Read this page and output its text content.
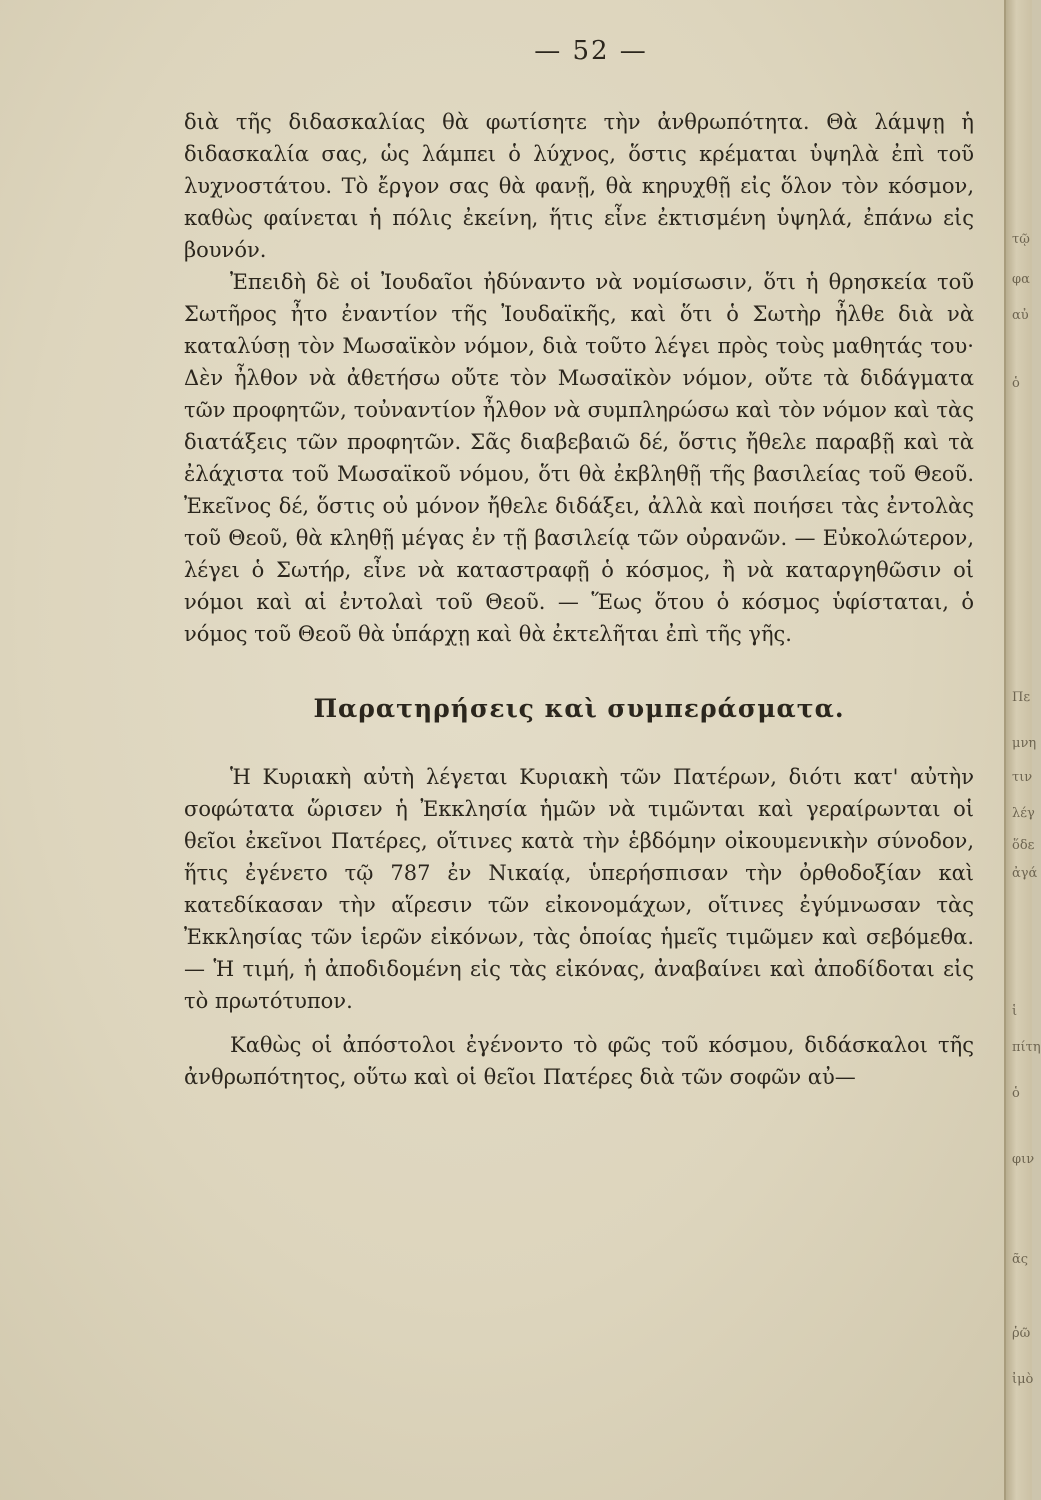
— 52 —

διὰ τῆς διδασκαλίας θὰ φωτίσητε τὴν ἀνθρωπότητα. Θὰ λάμψῃ ἡ διδασκαλία σας, ὡς λάμπει ὁ λύχνος, ὅστις κρέμαται ὑψηλὰ ἐπὶ τοῦ λυχνοστάτου. Τὸ ἔργον σας θὰ φανῇ, θὰ κηρυχθῇ εἰς ὅλον τὸν κόσμον, καθὼς φαίνεται ἡ πόλις ἐκείνη, ἥτις εἶνε ἐκτισμένη ὑψηλά, ἐπάνω εἰς βουνόν.

Ἐπειδὴ δὲ οἱ Ἰουδαῖοι ἠδύναντο νὰ νομίσωσιν, ὅτι ἡ θρησκεία τοῦ Σωτῆρος ἦτο ἐναντίον τῆς Ἰουδαϊκῆς, καὶ ὅτι ὁ Σωτὴρ ἦλθε διὰ νὰ καταλύσῃ τὸν Μωσαϊκὸν νόμον, διὰ τοῦτο λέγει πρὸς τοὺς μαθητάς του· Δὲν ἦλθον νὰ ἀθετήσω οὔτε τὸν Μωσαϊκὸν νόμον, οὔτε τὰ διδάγματα τῶν προφητῶν, τοὐναντίον ἦλθον νὰ συμπληρώσω καὶ τὸν νόμον καὶ τὰς διατάξεις τῶν προφητῶν. Σᾶς διαβεβαιῶ δέ, ὅστις ἤθελε παραβῇ καὶ τὰ ἐλάχιστα τοῦ Μωσαϊκοῦ νόμου, ὅτι θὰ ἐκβληθῇ τῆς βασιλείας τοῦ Θεοῦ. Ἐκεῖνος δέ, ὅστις οὐ μόνον ἤθελε διδάξει, ἀλλὰ καὶ ποιήσει τὰς ἐντολὰς τοῦ Θεοῦ, θὰ κληθῇ μέγας ἐν τῇ βασιλείᾳ τῶν οὐρανῶν. — Εὐκολώτερον, λέγει ὁ Σωτήρ, εἶνε νὰ καταστραφῇ ὁ κόσμος, ἢ νὰ καταργηθῶσιν οἱ νόμοι καὶ αἱ ἐντολαὶ τοῦ Θεοῦ. — Ἕως ὅτου ὁ κόσμος ὑφίσταται, ὁ νόμος τοῦ Θεοῦ θὰ ὑπάρχῃ καὶ θὰ ἐκτελῆται ἐπὶ τῆς γῆς.

Παρατηρήσεις καὶ συμπεράσματα.

Ἡ Κυριακὴ αὐτὴ λέγεται Κυριακὴ τῶν Πατέρων, διότι κατ' αὐτὴν σοφώτατα ὥρισεν ἡ Ἐκκλησία ἡμῶν νὰ τιμῶνται καὶ γεραίρωνται οἱ θεῖοι ἐκεῖνοι Πατέρες, οἵτινες κατὰ τὴν ἑβδόμην οἰκουμενικὴν σύνοδον, ἥτις ἐγένετο τῷ 787 ἐν Νικαίᾳ, ὑπερήσπισαν τὴν ὀρθοδοξίαν καὶ κατεδίκασαν τὴν αἵρεσιν τῶν εἰκονομάχων, οἵτινες ἐγύμνωσαν τὰς Ἐκκλησίας τῶν ἱερῶν εἰκόνων, τὰς ὁποίας ἡμεῖς τιμῶμεν καὶ σεβόμεθα. — Ἡ τιμή, ἡ ἀποδιδομένη εἰς τὰς εἰκόνας, ἀναβαίνει καὶ ἀποδίδοται εἰς τὸ πρωτότυπον.

Καθὼς οἱ ἀπόστολοι ἐγένοντο τὸ φῶς τοῦ κόσμου, διδάσκαλοι τῆς ἀνθρωπότητος, οὕτω καὶ οἱ θεῖοι Πατέρες διὰ τῶν σοφῶν αὐ—

τῷ
φα
αὐ
ὁ
Πε
μνη
τιν
λέγ
ὅδε
ἀγά
ἱ
πίτη
ὁ
φιν
ᾶς
ῥῶ
ἰμὸ
